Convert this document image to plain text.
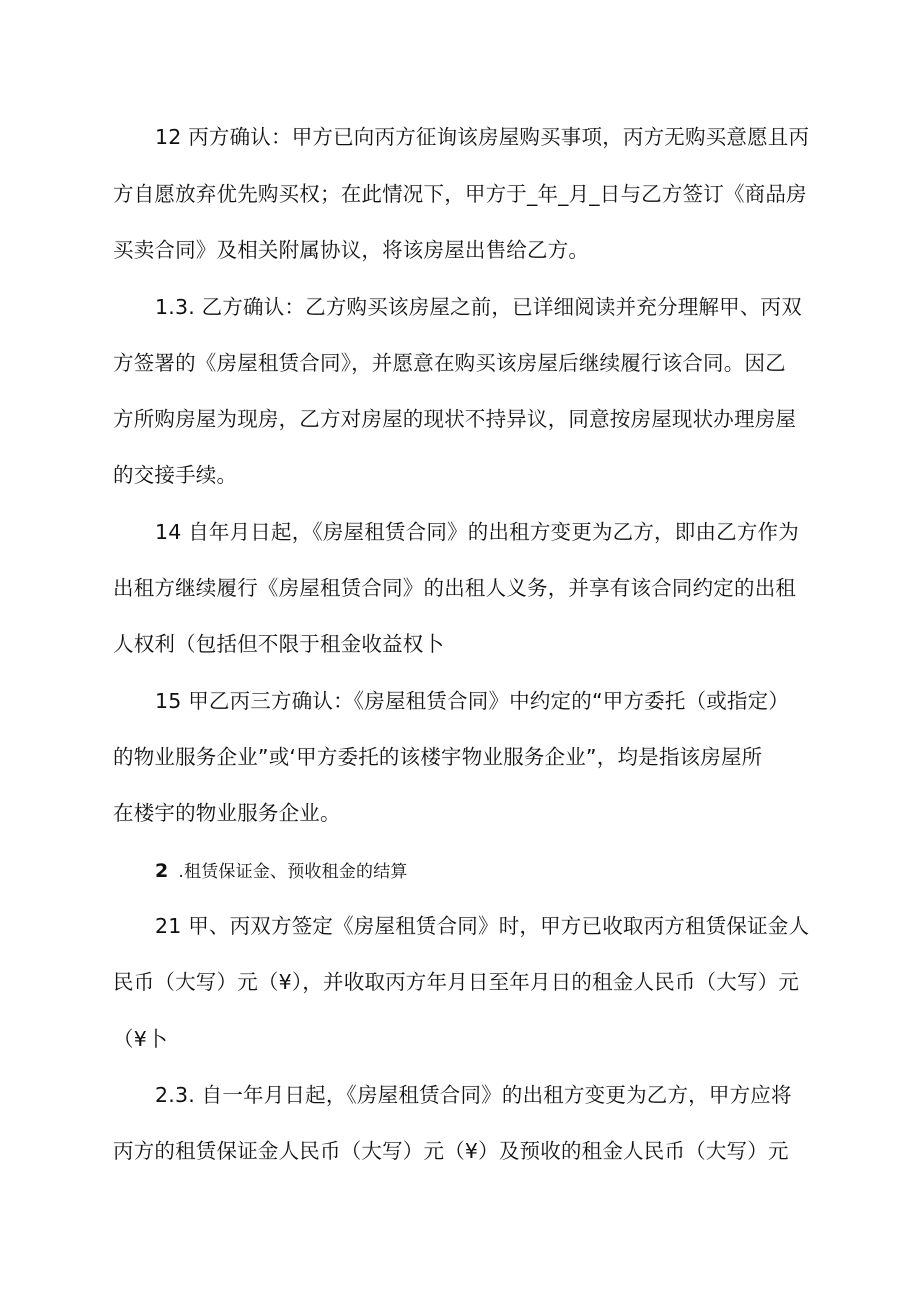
12 丙方确认：甲方已向丙方征询该房屋购买事项，丙方无购买意愿且丙
方自愿放弃优先购买权；在此情况下，甲方于_年_月_日与乙方签订《商品房
买卖合同》及相关附属协议，将该房屋出售给乙方。
1.3. 乙方确认：乙方购买该房屋之前，已详细阅读并充分理解甲、丙双
方签署的《房屋租赁合同》，并愿意在购买该房屋后继续履行该合同。因乙
方所购房屋为现房，乙方对房屋的现状不持异议，同意按房屋现状办理房屋
的交接手续。
14 自年月日起，《房屋租赁合同》的出租方变更为乙方，即由乙方作为
出租方继续履行《房屋租赁合同》的出租人义务，并享有该合同约定的出租
人权利（包括但不限于租金收益权卜
15 甲乙丙三方确认：《房屋租赁合同》中约定的“甲方委托（或指定）
的物业服务企业”或‘甲方委托的该楼宇物业服务企业”，均是指该房屋所
在楼宇的物业服务企业。
2 .租赁保证金、预收租金的结算
21 甲、丙双方签定《房屋租赁合同》时，甲方已收取丙方租赁保证金人
民币（大写）元（¥），并收取丙方年月日至年月日的租金人民币（大写）元
（¥卜
2.3. 自一年月日起，《房屋租赁合同》的出租方变更为乙方，甲方应将
丙方的租赁保证金人民币（大写）元（¥）及预收的租金人民币（大写）元
